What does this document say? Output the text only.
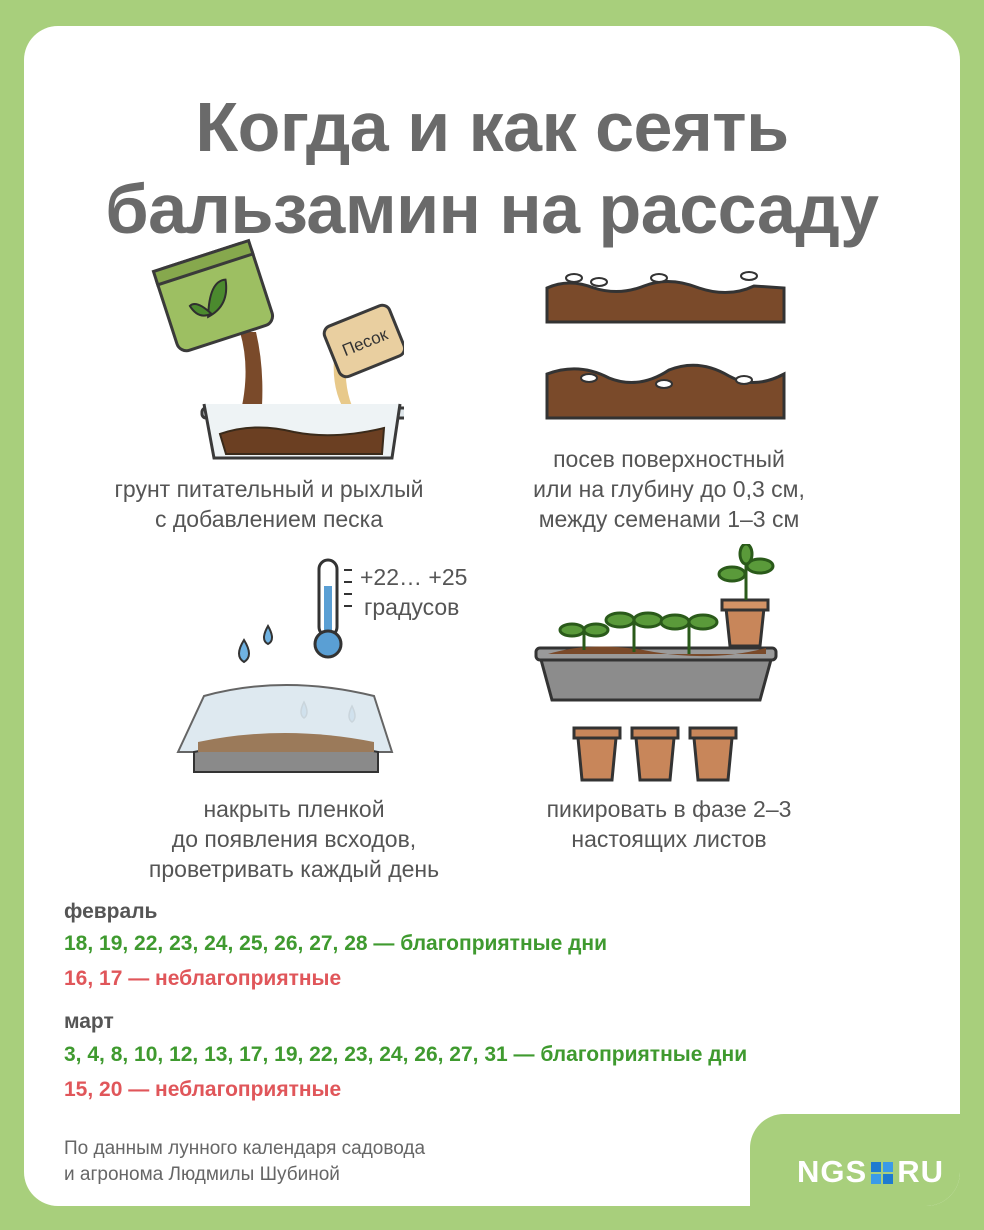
Когда и как сеять
бальзамин на рассаду
Песок
грунт питательный и рыхлый
с добавлением песка
посев поверхностный
или на глубину до 0,3 см,
между семенами 1–3 см
+22… +25
градусов
накрыть пленкой
до появления всходов,
проветривать каждый день
пикировать в фазе 2–3
настоящих листов
февраль
18, 19, 22, 23, 24, 25, 26, 27, 28 — благоприятные дни
16, 17 — неблагоприятные
март
3, 4, 8, 10, 12, 13, 17, 19, 22, 23, 24, 26, 27, 31 — благоприятные дни
15, 20 — неблагоприятные
По данным лунного календаря садовода
и агронома Людмилы Шубиной	NGS RU
